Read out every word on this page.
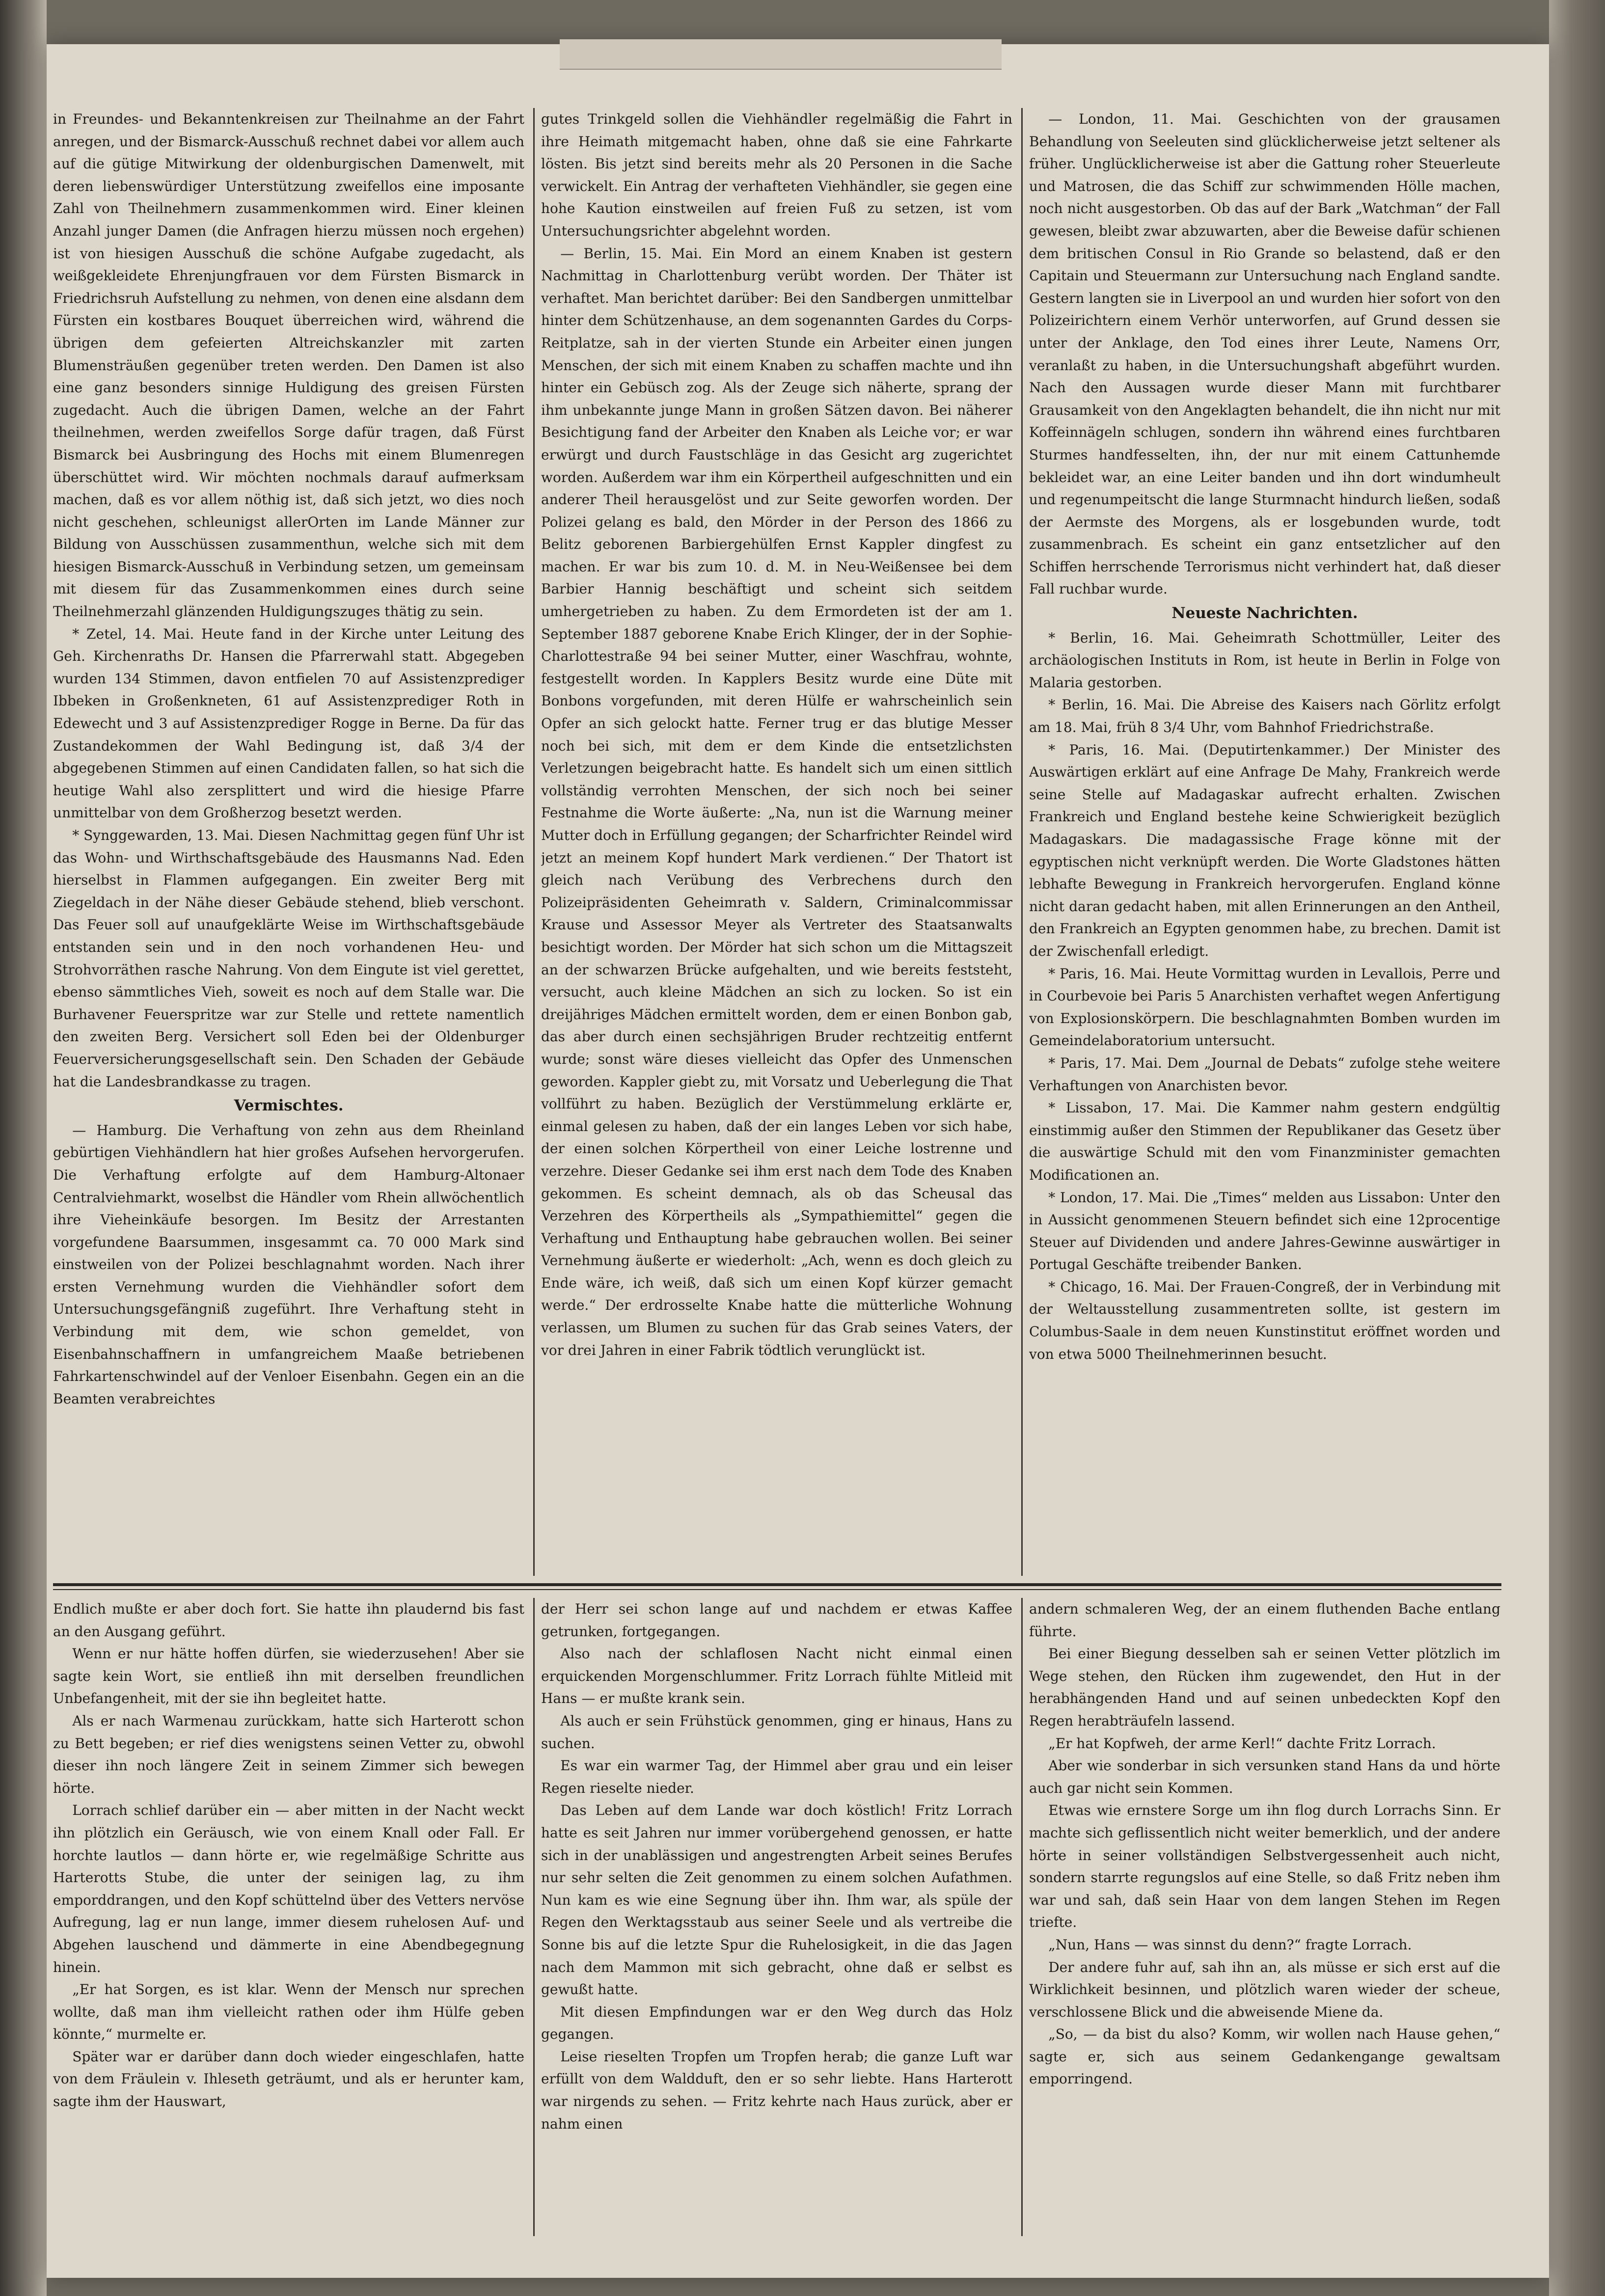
in Freundes- und Bekanntenkreisen zur Theilnahme an der Fahrt anregen, und der Bismarck-Ausschuß rechnet dabei vor allem auch auf die gütige Mitwirkung der oldenburgischen Damenwelt, mit deren liebenswürdiger Unterstützung zweifellos eine imposante Zahl von Theilnehmern zusammenkommen wird. Einer kleinen Anzahl junger Damen (die Anfragen hierzu müssen noch ergehen) ist von hiesigen Ausschuß die schöne Aufgabe zugedacht, als weißgekleidete Ehrenjungfrauen vor dem Fürsten Bismarck in Friedrichsruh Aufstellung zu nehmen, von denen eine alsdann dem Fürsten ein kostbares Bouquet überreichen wird, während die übrigen dem gefeierten Altreichskanzler mit zarten Blumensträußen gegenüber treten werden. Den Damen ist also eine ganz besonders sinnige Huldigung des greisen Fürsten zugedacht. Auch die übrigen Damen, welche an der Fahrt theilnehmen, werden zweifellos Sorge dafür tragen, daß Fürst Bismarck bei Ausbringung des Hochs mit einem Blumenregen überschüttet wird. Wir möchten nochmals darauf aufmerksam machen, daß es vor allem nöthig ist, daß sich jetzt, wo dies noch nicht geschehen, schleunigst allerOrten im Lande Männer zur Bildung von Ausschüssen zusammenthun, welche sich mit dem hiesigen Bismarck-Ausschuß in Verbindung setzen, um gemeinsam mit diesem für das Zusammenkommen eines durch seine Theilnehmerzahl glänzenden Huldigungszuges thätig zu sein.

* Zetel, 14. Mai. Heute fand in der Kirche unter Leitung des Geh. Kirchenraths Dr. Hansen die Pfarrerwahl statt. Abgegeben wurden 134 Stimmen, davon entfielen 70 auf Assistenzprediger Ibbeken in Großenkneten, 61 auf Assistenzprediger Roth in Edewecht und 3 auf Assistenzprediger Rogge in Berne. Da für das Zustandekommen der Wahl Bedingung ist, daß 3/4 der abgegebenen Stimmen auf einen Candidaten fallen, so hat sich die heutige Wahl also zersplittert und wird die hiesige Pfarre unmittelbar von dem Großherzog besetzt werden.

* Synggewarden, 13. Mai. Diesen Nachmittag gegen fünf Uhr ist das Wohn- und Wirthschaftsgebäude des Hausmanns Nad. Eden hierselbst in Flammen aufgegangen. Ein zweiter Berg mit Ziegeldach in der Nähe dieser Gebäude stehend, blieb verschont. Das Feuer soll auf unaufgeklärte Weise im Wirthschaftsgebäude entstanden sein und in den noch vorhandenen Heu- und Strohvorräthen rasche Nahrung. Von dem Eingute ist viel gerettet, ebenso sämmtliches Vieh, soweit es noch auf dem Stalle war. Die Burhavener Feuerspritze war zur Stelle und rettete namentlich den zweiten Berg. Versichert soll Eden bei der Oldenburger Feuerversicherungsgesellschaft sein. Den Schaden der Gebäude hat die Landesbrandkasse zu tragen.

Vermischtes.

— Hamburg. Die Verhaftung von zehn aus dem Rheinland gebürtigen Viehhändlern hat hier großes Aufsehen hervorgerufen. Die Verhaftung erfolgte auf dem Hamburg-Altonaer Centralviehmarkt, woselbst die Händler vom Rhein allwöchentlich ihre Vieheinkäufe besorgen. Im Besitz der Arrestanten vorgefundene Baarsummen, insgesammt ca. 70 000 Mark sind einstweilen von der Polizei beschlagnahmt worden. Nach ihrer ersten Vernehmung wurden die Viehhändler sofort dem Untersuchungsgefängniß zugeführt. Ihre Verhaftung steht in Verbindung mit dem, wie schon gemeldet, von Eisenbahnschaffnern in umfangreichem Maaße betriebenen Fahrkartenschwindel auf der Venloer Eisenbahn. Gegen ein an die Beamten verabreichtes

gutes Trinkgeld sollen die Viehhändler regelmäßig die Fahrt in ihre Heimath mitgemacht haben, ohne daß sie eine Fahrkarte lösten. Bis jetzt sind bereits mehr als 20 Personen in die Sache verwickelt. Ein Antrag der verhafteten Viehhändler, sie gegen eine hohe Kaution einstweilen auf freien Fuß zu setzen, ist vom Untersuchungsrichter abgelehnt worden.

— Berlin, 15. Mai. Ein Mord an einem Knaben ist gestern Nachmittag in Charlottenburg verübt worden. Der Thäter ist verhaftet. Man berichtet darüber: Bei den Sandbergen unmittelbar hinter dem Schützenhause, an dem sogenannten Gardes du Corps-Reitplatze, sah in der vierten Stunde ein Arbeiter einen jungen Menschen, der sich mit einem Knaben zu schaffen machte und ihn hinter ein Gebüsch zog. Als der Zeuge sich näherte, sprang der ihm unbekannte junge Mann in großen Sätzen davon. Bei näherer Besichtigung fand der Arbeiter den Knaben als Leiche vor; er war erwürgt und durch Faustschläge in das Gesicht arg zugerichtet worden. Außerdem war ihm ein Körpertheil aufgeschnitten und ein anderer Theil herausgelöst und zur Seite geworfen worden. Der Polizei gelang es bald, den Mörder in der Person des 1866 zu Belitz geborenen Barbiergehülfen Ernst Kappler dingfest zu machen. Er war bis zum 10. d. M. in Neu-Weißensee bei dem Barbier Hannig beschäftigt und scheint sich seitdem umhergetrieben zu haben. Zu dem Ermordeten ist der am 1. September 1887 geborene Knabe Erich Klinger, der in der Sophie-Charlottestraße 94 bei seiner Mutter, einer Waschfrau, wohnte, festgestellt worden. In Kapplers Besitz wurde eine Düte mit Bonbons vorgefunden, mit deren Hülfe er wahrscheinlich sein Opfer an sich gelockt hatte. Ferner trug er das blutige Messer noch bei sich, mit dem er dem Kinde die entsetzlichsten Verletzungen beigebracht hatte. Es handelt sich um einen sittlich vollständig verrohten Menschen, der sich noch bei seiner Festnahme die Worte äußerte: „Na, nun ist die Warnung meiner Mutter doch in Erfüllung gegangen; der Scharfrichter Reindel wird jetzt an meinem Kopf hundert Mark verdienen.“ Der Thatort ist gleich nach Verübung des Verbrechens durch den Polizeipräsidenten Geheimrath v. Saldern, Criminalcommissar Krause und Assessor Meyer als Vertreter des Staatsanwalts besichtigt worden. Der Mörder hat sich schon um die Mittagszeit an der schwarzen Brücke aufgehalten, und wie bereits feststeht, versucht, auch kleine Mädchen an sich zu locken. So ist ein dreijähriges Mädchen ermittelt worden, dem er einen Bonbon gab, das aber durch einen sechsjährigen Bruder rechtzeitig entfernt wurde; sonst wäre dieses vielleicht das Opfer des Unmenschen geworden. Kappler giebt zu, mit Vorsatz und Ueberlegung die That vollführt zu haben. Bezüglich der Verstümmelung erklärte er, einmal gelesen zu haben, daß der ein langes Leben vor sich habe, der einen solchen Körpertheil von einer Leiche lostrenne und verzehre. Dieser Gedanke sei ihm erst nach dem Tode des Knaben gekommen. Es scheint demnach, als ob das Scheusal das Verzehren des Körpertheils als „Sympathiemittel“ gegen die Verhaftung und Enthauptung habe gebrauchen wollen. Bei seiner Vernehmung äußerte er wiederholt: „Ach, wenn es doch gleich zu Ende wäre, ich weiß, daß sich um einen Kopf kürzer gemacht werde.“ Der erdrosselte Knabe hatte die mütterliche Wohnung verlassen, um Blumen zu suchen für das Grab seines Vaters, der vor drei Jahren in einer Fabrik tödtlich verunglückt ist.

— London, 11. Mai. Geschichten von der grausamen Behandlung von Seeleuten sind glücklicherweise jetzt seltener als früher. Unglücklicherweise ist aber die Gattung roher Steuerleute und Matrosen, die das Schiff zur schwimmenden Hölle machen, noch nicht ausgestorben. Ob das auf der Bark „Watchman“ der Fall gewesen, bleibt zwar abzuwarten, aber die Beweise dafür schienen dem britischen Consul in Rio Grande so belastend, daß er den Capitain und Steuermann zur Untersuchung nach England sandte. Gestern langten sie in Liverpool an und wurden hier sofort von den Polizeirichtern einem Verhör unterworfen, auf Grund dessen sie unter der Anklage, den Tod eines ihrer Leute, Namens Orr, veranlaßt zu haben, in die Untersuchungshaft abgeführt wurden. Nach den Aussagen wurde dieser Mann mit furchtbarer Grausamkeit von den Angeklagten behandelt, die ihn nicht nur mit Koffeinnägeln schlugen, sondern ihn während eines furchtbaren Sturmes handfesselten, ihn, der nur mit einem Cattunhemde bekleidet war, an eine Leiter banden und ihn dort windumheult und regenumpeitscht die lange Sturmnacht hindurch ließen, sodaß der Aermste des Morgens, als er losgebunden wurde, todt zusammenbrach. Es scheint ein ganz entsetzlicher auf den Schiffen herrschende Terrorismus nicht verhindert hat, daß dieser Fall ruchbar wurde.

Neueste Nachrichten.

* Berlin, 16. Mai. Geheimrath Schottmüller, Leiter des archäologischen Instituts in Rom, ist heute in Berlin in Folge von Malaria gestorben.

* Berlin, 16. Mai. Die Abreise des Kaisers nach Görlitz erfolgt am 18. Mai, früh 8 3/4 Uhr, vom Bahnhof Friedrichstraße.

* Paris, 16. Mai. (Deputirtenkammer.) Der Minister des Auswärtigen erklärt auf eine Anfrage De Mahy, Frankreich werde seine Stelle auf Madagaskar aufrecht erhalten. Zwischen Frankreich und England bestehe keine Schwierigkeit bezüglich Madagaskars. Die madagassische Frage könne mit der egyptischen nicht verknüpft werden. Die Worte Gladstones hätten lebhafte Bewegung in Frankreich hervorgerufen. England könne nicht daran gedacht haben, mit allen Erinnerungen an den Antheil, den Frankreich an Egypten genommen habe, zu brechen. Damit ist der Zwischenfall erledigt.

* Paris, 16. Mai. Heute Vormittag wurden in Levallois, Perre und in Courbevoie bei Paris 5 Anarchisten verhaftet wegen Anfertigung von Explosionskörpern. Die beschlagnahmten Bomben wurden im Gemeindelaboratorium untersucht.

* Paris, 17. Mai. Dem „Journal de Debats“ zufolge stehe weitere Verhaftungen von Anarchisten bevor.

* Lissabon, 17. Mai. Die Kammer nahm gestern endgültig einstimmig außer den Stimmen der Republikaner das Gesetz über die auswärtige Schuld mit den vom Finanzminister gemachten Modificationen an.

* London, 17. Mai. Die „Times“ melden aus Lissabon: Unter den in Aussicht genommenen Steuern befindet sich eine 12procentige Steuer auf Dividenden und andere Jahres-Gewinne auswärtiger in Portugal Geschäfte treibender Banken.

* Chicago, 16. Mai. Der Frauen-Congreß, der in Verbindung mit der Weltausstellung zusammentreten sollte, ist gestern im Columbus-Saale in dem neuen Kunstinstitut eröffnet worden und von etwa 5000 Theilnehmerinnen besucht.

Endlich mußte er aber doch fort. Sie hatte ihn plaudernd bis fast an den Ausgang geführt.

Wenn er nur hätte hoffen dürfen, sie wiederzusehen! Aber sie sagte kein Wort, sie entließ ihn mit derselben freundlichen Unbefangenheit, mit der sie ihn begleitet hatte.

Als er nach Warmenau zurückkam, hatte sich Harterott schon zu Bett begeben; er rief dies wenigstens seinen Vetter zu, obwohl dieser ihn noch längere Zeit in seinem Zimmer sich bewegen hörte.

Lorrach schlief darüber ein — aber mitten in der Nacht weckt ihn plötzlich ein Geräusch, wie von einem Knall oder Fall. Er horchte lautlos — dann hörte er, wie regelmäßige Schritte aus Harterotts Stube, die unter der seinigen lag, zu ihm emporddrangen, und den Kopf schüttelnd über des Vetters nervöse Aufregung, lag er nun lange, immer diesem ruhelosen Auf- und Abgehen lauschend und dämmerte in eine Abendbegegnung hinein.

„Er hat Sorgen, es ist klar. Wenn der Mensch nur sprechen wollte, daß man ihm vielleicht rathen oder ihm Hülfe geben könnte,“ murmelte er.

Später war er darüber dann doch wieder eingeschlafen, hatte von dem Fräulein v. Ihleseth geträumt, und als er herunter kam, sagte ihm der Hauswart,

der Herr sei schon lange auf und nachdem er etwas Kaffee getrunken, fortgegangen.

Also nach der schlaflosen Nacht nicht einmal einen erquickenden Morgenschlummer. Fritz Lorrach fühlte Mitleid mit Hans — er mußte krank sein.

Als auch er sein Frühstück genommen, ging er hinaus, Hans zu suchen.

Es war ein warmer Tag, der Himmel aber grau und ein leiser Regen rieselte nieder.

Das Leben auf dem Lande war doch köstlich! Fritz Lorrach hatte es seit Jahren nur immer vorübergehend genossen, er hatte sich in der unablässigen und angestrengten Arbeit seines Berufes nur sehr selten die Zeit genommen zu einem solchen Aufathmen. Nun kam es wie eine Segnung über ihn. Ihm war, als spüle der Regen den Werktagsstaub aus seiner Seele und als vertreibe die Sonne bis auf die letzte Spur die Ruhelosigkeit, in die das Jagen nach dem Mammon mit sich gebracht, ohne daß er selbst es gewußt hatte.

Mit diesen Empfindungen war er den Weg durch das Holz gegangen.

Leise rieselten Tropfen um Tropfen herab; die ganze Luft war erfüllt von dem Waldduft, den er so sehr liebte. Hans Harterott war nirgends zu sehen. — Fritz kehrte nach Haus zurück, aber er nahm einen

andern schmaleren Weg, der an einem fluthenden Bache entlang führte.

Bei einer Biegung desselben sah er seinen Vetter plötzlich im Wege stehen, den Rücken ihm zugewendet, den Hut in der herabhängenden Hand und auf seinen unbedeckten Kopf den Regen herabträufeln lassend.

„Er hat Kopfweh, der arme Kerl!“ dachte Fritz Lorrach.

Aber wie sonderbar in sich versunken stand Hans da und hörte auch gar nicht sein Kommen.

Etwas wie ernstere Sorge um ihn flog durch Lorrachs Sinn. Er machte sich geflissentlich nicht weiter bemerklich, und der andere hörte in seiner vollständigen Selbstvergessenheit auch nicht, sondern starrte regungslos auf eine Stelle, so daß Fritz neben ihm war und sah, daß sein Haar von dem langen Stehen im Regen triefte.

„Nun, Hans — was sinnst du denn?“ fragte Lorrach.

Der andere fuhr auf, sah ihn an, als müsse er sich erst auf die Wirklichkeit besinnen, und plötzlich waren wieder der scheue, verschlossene Blick und die abweisende Miene da.

„So, — da bist du also? Komm, wir wollen nach Hause gehen,“ sagte er, sich aus seinem Gedankengange gewaltsam emporringend.
